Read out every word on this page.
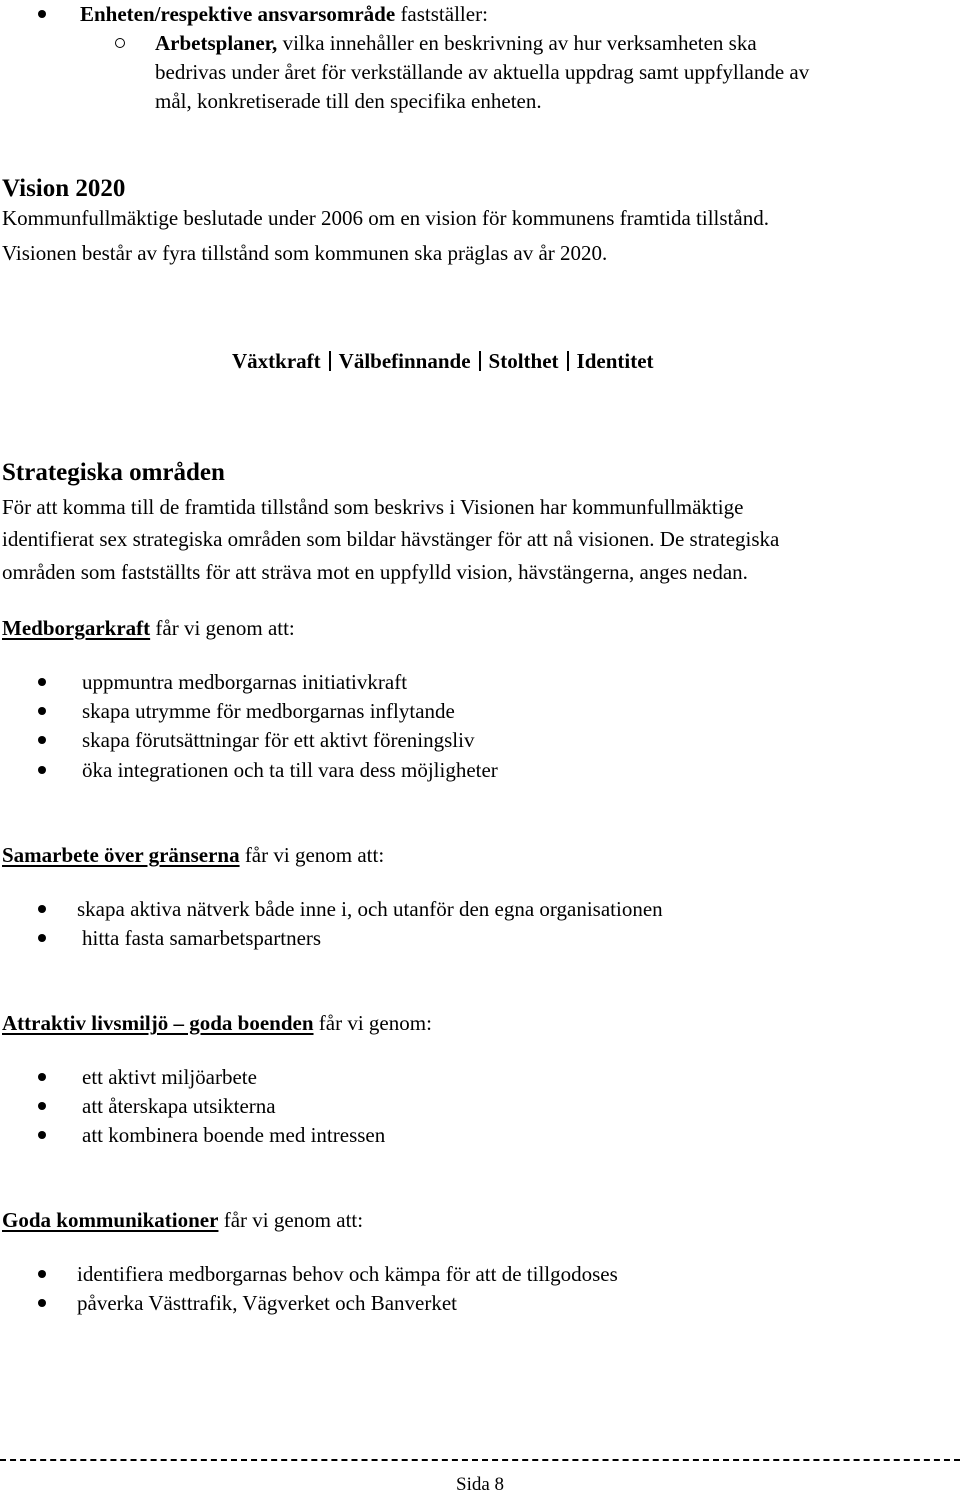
Enheten/respektive ansvarsområde fastställer:
Arbetsplaner, vilka innehåller en beskrivning av hur verksamheten ska
bedrivas under året för verkställande av aktuella uppdrag samt uppfyllande av
mål, konkretiserade till den specifika enheten.
Vision 2020
Kommunfullmäktige beslutade under 2006 om en vision för kommunens framtida tillstånd.
Visionen består av fyra tillstånd som kommunen ska präglas av år 2020.
Växtkraft Välbefinnande Stolthet Identitet
Strategiska områden
För att komma till de framtida tillstånd som beskrivs i Visionen har kommunfullmäktige
identifierat sex strategiska områden som bildar hävstänger för att nå visionen. De strategiska
områden som fastställts för att sträva mot en uppfylld vision, hävstängerna, anges nedan.
Medborgarkraft får vi genom att:
uppmuntra medborgarnas initiativkraft
skapa utrymme för medborgarnas inflytande
skapa förutsättningar för ett aktivt föreningsliv
öka integrationen och ta till vara dess möjligheter
Samarbete över gränserna får vi genom att:
skapa aktiva nätverk både inne i, och utanför den egna organisationen
hitta fasta samarbetspartners
Attraktiv livsmiljö – goda boenden får vi genom:
ett aktivt miljöarbete
att återskapa utsikterna
att kombinera boende med intressen
Goda kommunikationer får vi genom att:
identifiera medborgarnas behov och kämpa för att de tillgodoses
påverka Västtrafik, Vägverket och Banverket
Sida 8
